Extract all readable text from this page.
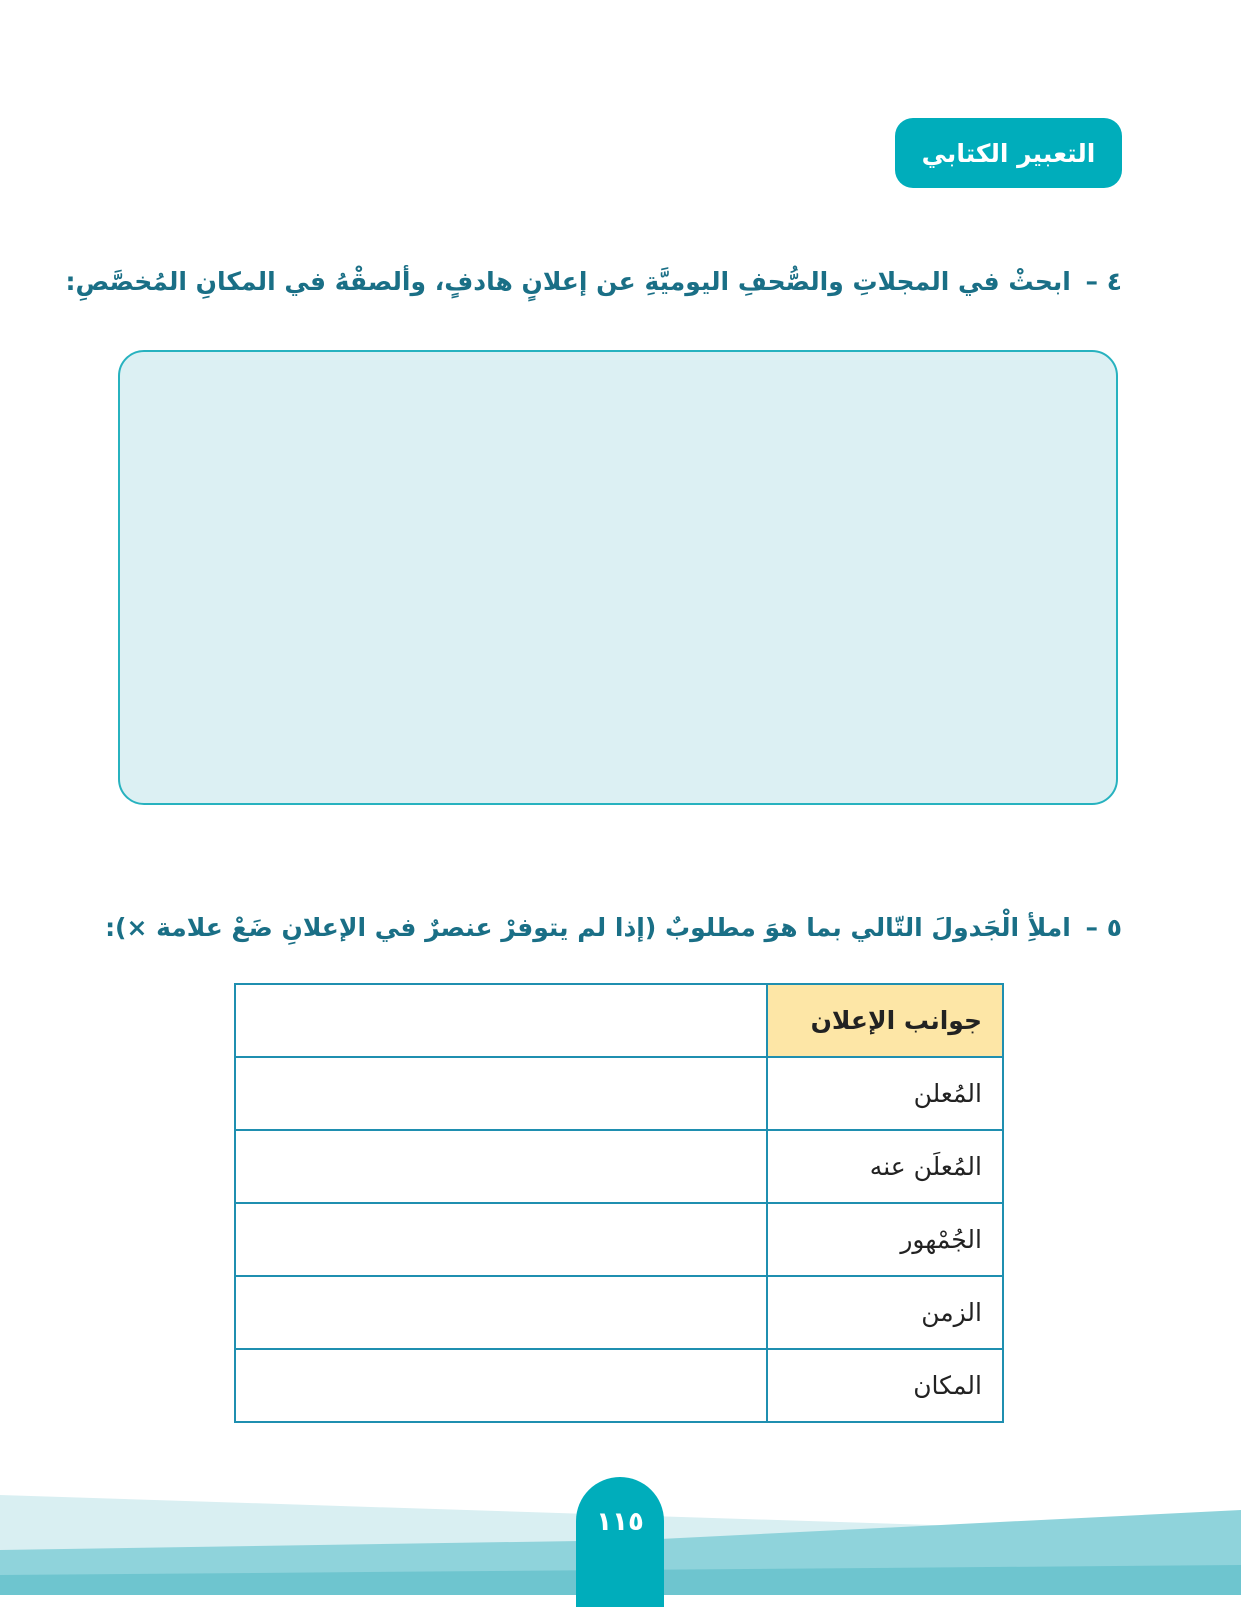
التعبير الكتابي
٤ – ابحثْ في المجلاتِ والصُّحفِ اليوميَّةِ عن إعلانٍ هادفٍ، وألصقْهُ في المكانِ المُخصَّصِ:
٥ – املأِ الْجَدولَ التّالي بما هوَ مطلوبٌ (إذا لم يتوفرْ عنصرٌ في الإعلانِ ضَعْ علامة ×):
جوانب الإعلان	
المُعلن	
المُعلَن عنه	
الجُمْهور	
الزمن	
المكان	
١١٥
